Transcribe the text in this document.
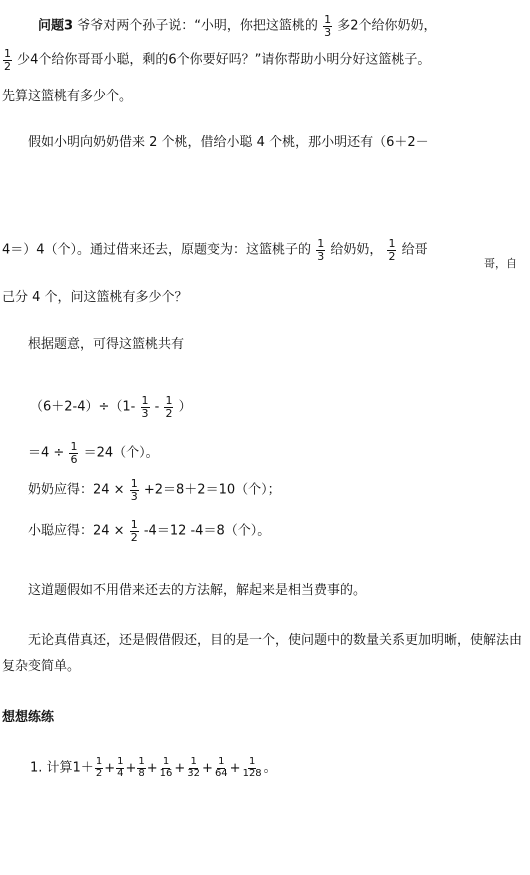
问题3 爷爷对两个孙子说：“小明，你把这篮桃的 $\frac{1}{3}$ 多2个给你奶奶，
$\frac{1}{2}$ 少4个给你哥哥小聪，剩的6个你要好吗？”请你帮助小明分好这篮桃子。
先算这篮桃有多少个。
假如小明向奶奶借来 2 个桃，借给小聪 4 个桃，那小明还有（6＋2－
4＝）4（个）。通过借来还去，原题变为：这篮桃子的 $\frac{1}{3}$ 给奶奶， $\frac{1}{2}$ 给哥
哥，自
己分 4 个，问这篮桃有多少个？
根据题意，可得这篮桃共有
$(6+2-4)\div(1- \frac{1}{3} - \frac{1}{2}$ ）
$=4 \div \frac{1}{6} =24$（个）。
奶奶应得：$24 \times \frac{1}{3} +2=8+2=10$（个）；
小聪应得：$24 \times \frac{1}{2} -4=12$ -4＝8（个）。
这道题假如不用借来还去的方法解，解起来是相当费事的。
无论真借真还，还是假借假还，目的是一个，使问题中的数量关系更加明晰，使解法由
复杂变简单。
想想练练
1. 计算$1+ \frac{1}{2} + \frac{1}{4} + \frac{1}{8} + \frac{1}{16} + \frac{1}{32} + \frac{1}{64} + \frac{1}{128}$ 。
